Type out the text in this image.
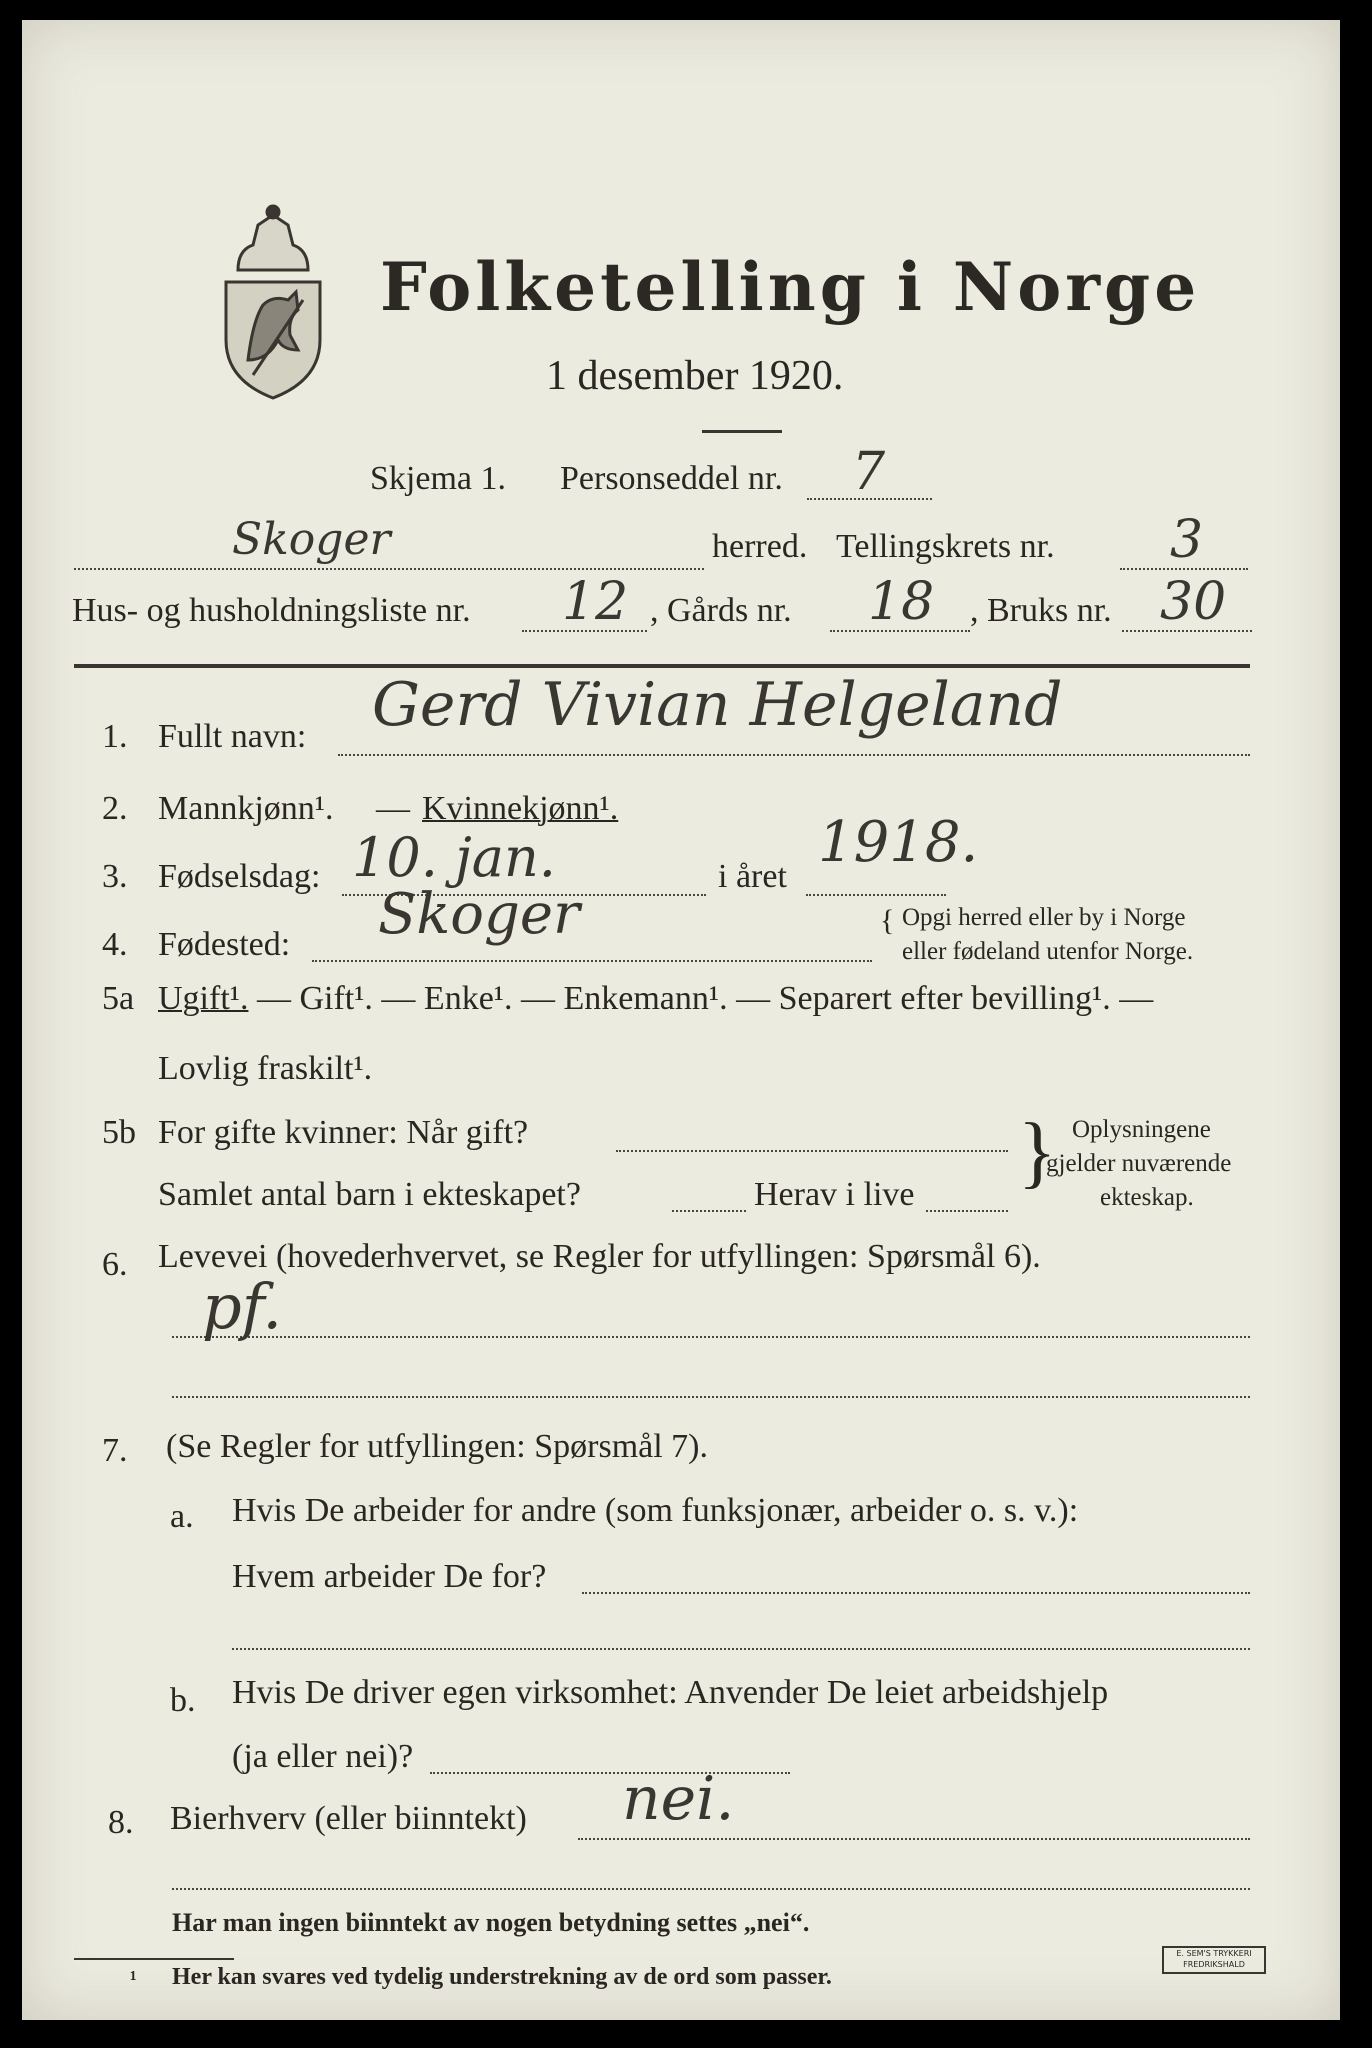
Folketelling i Norge
1 desember 1920.
Skjema 1. Personseddel nr. 7
Skoger	herred. Tellingskrets nr. 3
Hus- og husholdningsliste nr. 12 , Gårds nr. 18 , Bruks nr. 30
1. Fullt navn: Gerd Vivian Helgeland
2. Mannkjønn¹. — Kvinnekjønn¹.
3. Fødselsdag: 10. jan.	i året
1918.
4. Fødested: Skoger	{ Opgi herred eller by i Norge
eller fødeland utenfor Norge.
5a Ugift¹. — Gift¹. — Enke¹. — Enkemann¹. — Separert efter bevilling¹. —
Lovlig fraskilt¹.
5b For gifte kvinner: Når gift?
Samlet antal barn i ekteskapet?	Herav i live } Oplysningene
gjelder nuværende
ekteskap.
6. Levevei (hovederhvervet, se Regler for utfyllingen: Spørsmål 6).
pf.
7. (Se Regler for utfyllingen: Spørsmål 7).
a. Hvis De arbeider for andre (som funksjonær, arbeider o. s. v.):
Hvem arbeider De for?
b. Hvis De driver egen virksomhet: Anvender De leiet arbeidshjelp
(ja eller nei)?
8. Bierhverv (eller biinntekt) nei.
Har man ingen biinntekt av nogen betydning settes „nei“.
¹ Her kan svares ved tydelig understrekning av de ord som passer.
E. SEM'S TRYKKERI FREDRIKSHALD
